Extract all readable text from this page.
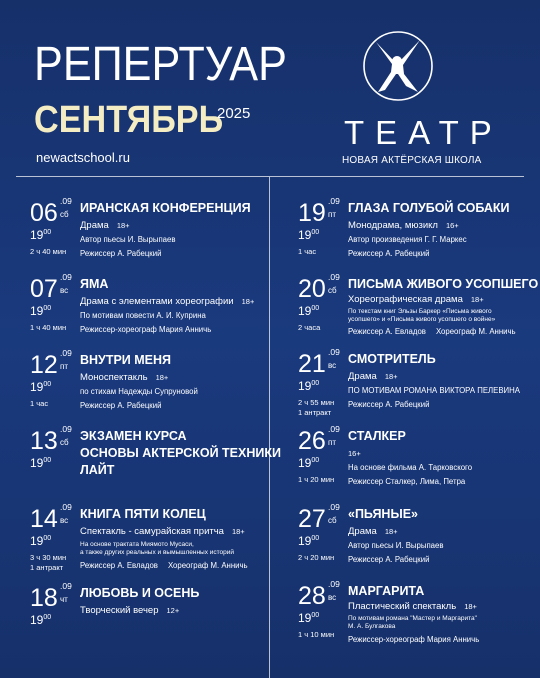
РЕПЕРТУАР
СЕНТЯБРЬ
2025
newactschool.ru
ТЕАТР
НОВАЯ АКТЁРСКАЯ ШКОЛА
06 .09
сб
$19^{00}$
2 ч 40 мин
ИРАНСКАЯ КОНФЕРЕНЦИЯ
Драма 18+
Автор пьесы И. Вырыпаев
Режиссер А. Рабецкий
07 .09
вс
$19^{00}$
1 ч 40 мин
ЯМА
Драма с элементами хореографии 18+
По мотивам повести А. И. Куприна
Режиссер-хореограф Мария Анничь
12 .09
пт
$19^{00}$
1 час
ВНУТРИ МЕНЯ
Моноспектакль 18+
по стихам Надежды Супруновой
Режиссер А. Рабецкий
13 .09
сб
$19^{00}$
ЭКЗАМЕН КУРСА
ОСНОВЫ АКТЕРСКОЙ ТЕХНИКИ
ЛАЙТ
14 .09
вс
$19^{00}$
3 ч 30 мин
1 антракт
КНИГА ПЯТИ КОЛЕЦ
Спектакль - самурайская притча 18+
На основе трактата Миямото Мусаси,
а также других реальных и вымышленных историй
Режиссер А. Евладов Хореограф М. Анничь
18 .09
чт
$19^{00}$
ЛЮБОВЬ И ОСЕНЬ
Творческий вечер 12+
19 .09
пт
$19^{00}$
1 час
ГЛАЗА ГОЛУБОЙ СОБАКИ
Монодрама, мюзикл 16+
Автор произведения Г. Г. Маркес
Режиссер А. Рабецкий
20 .09
сб
$19^{00}$
2 часа
ПИСЬМА ЖИВОГО УСОПШЕГО
Хореографическая драма 18+
По текстам книг Эльзы Баркер «Письма живого
усопшего» и «Письма живого усопшего о войне»
Режиссер А. Евладов Хореограф М. Анничь
21 .09
вс
$19^{00}$
2 ч 55 мин
1 антракт
СМОТРИТЕЛЬ
Драма 18+
ПО МОТИВАМ РОМАНА ВИКТОРА ПЕЛЕВИНА
Режиссер А. Рабецкий
26 .09
пт
$19^{00}$
1 ч 20 мин
СТАЛКЕР
16+
На основе фильма А. Тарковского
Режиссер Сталкер, Лима, Петра
27 .09
сб
$19^{00}$
2 ч 20 мин
«ПЬЯНЫЕ»
Драма 18+
Автор пьесы И. Вырыпаев
Режиссер А. Рабецкий
28 .09
вс
$19^{00}$
1 ч 10 мин
МАРГАРИТА
Пластический спектакль 18+
По мотивам романа "Мастер и Маргарита"
М. А. Булгакова
Режиссер-хореограф Мария Анничь
